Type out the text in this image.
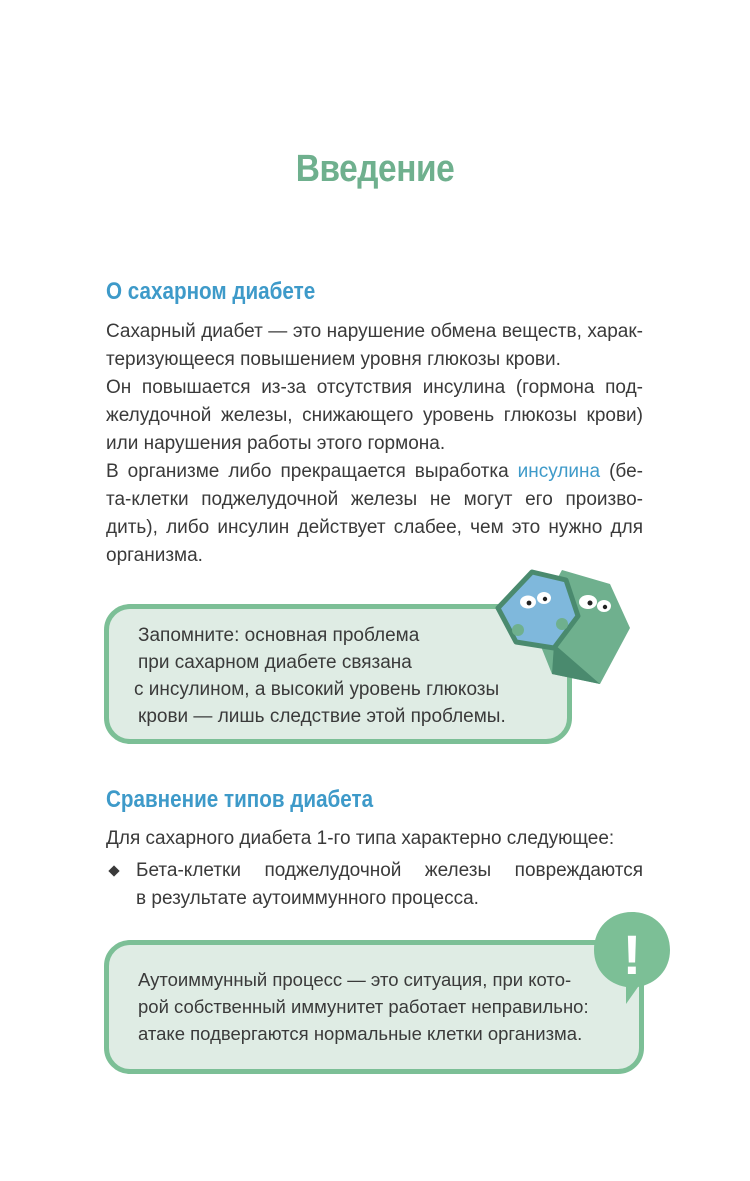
Введение
О сахарном диабете
Сахарный диабет — это нарушение обмена веществ, харак-
теризующееся повышением уровня глюкозы крови.
Он повышается из-за отсутствия инсулина (гормона под-
желудочной железы, снижающего уровень глюкозы крови)
или нарушения работы этого гормона.
В организме либо прекращается выработка инсулина (бе-
та-клетки поджелудочной железы не могут его произво-
дить), либо инсулин действует слабее, чем это нужно для
организма.
Запомните: основная проблема
при сахарном диабете связана
с инсулином, а высокий уровень глюкозы
крови — лишь следствие этой проблемы.
Сравнение типов диабета
Для сахарного диабета 1-го типа характерно следующее:
Бета-клетки поджелудочной железы повреждаются
в результате аутоиммунного процесса.
Аутоиммунный процесс — это ситуация, при кото-
рой собственный иммунитет работает неправильно:
атаке подвергаются нормальные клетки организма.
!
